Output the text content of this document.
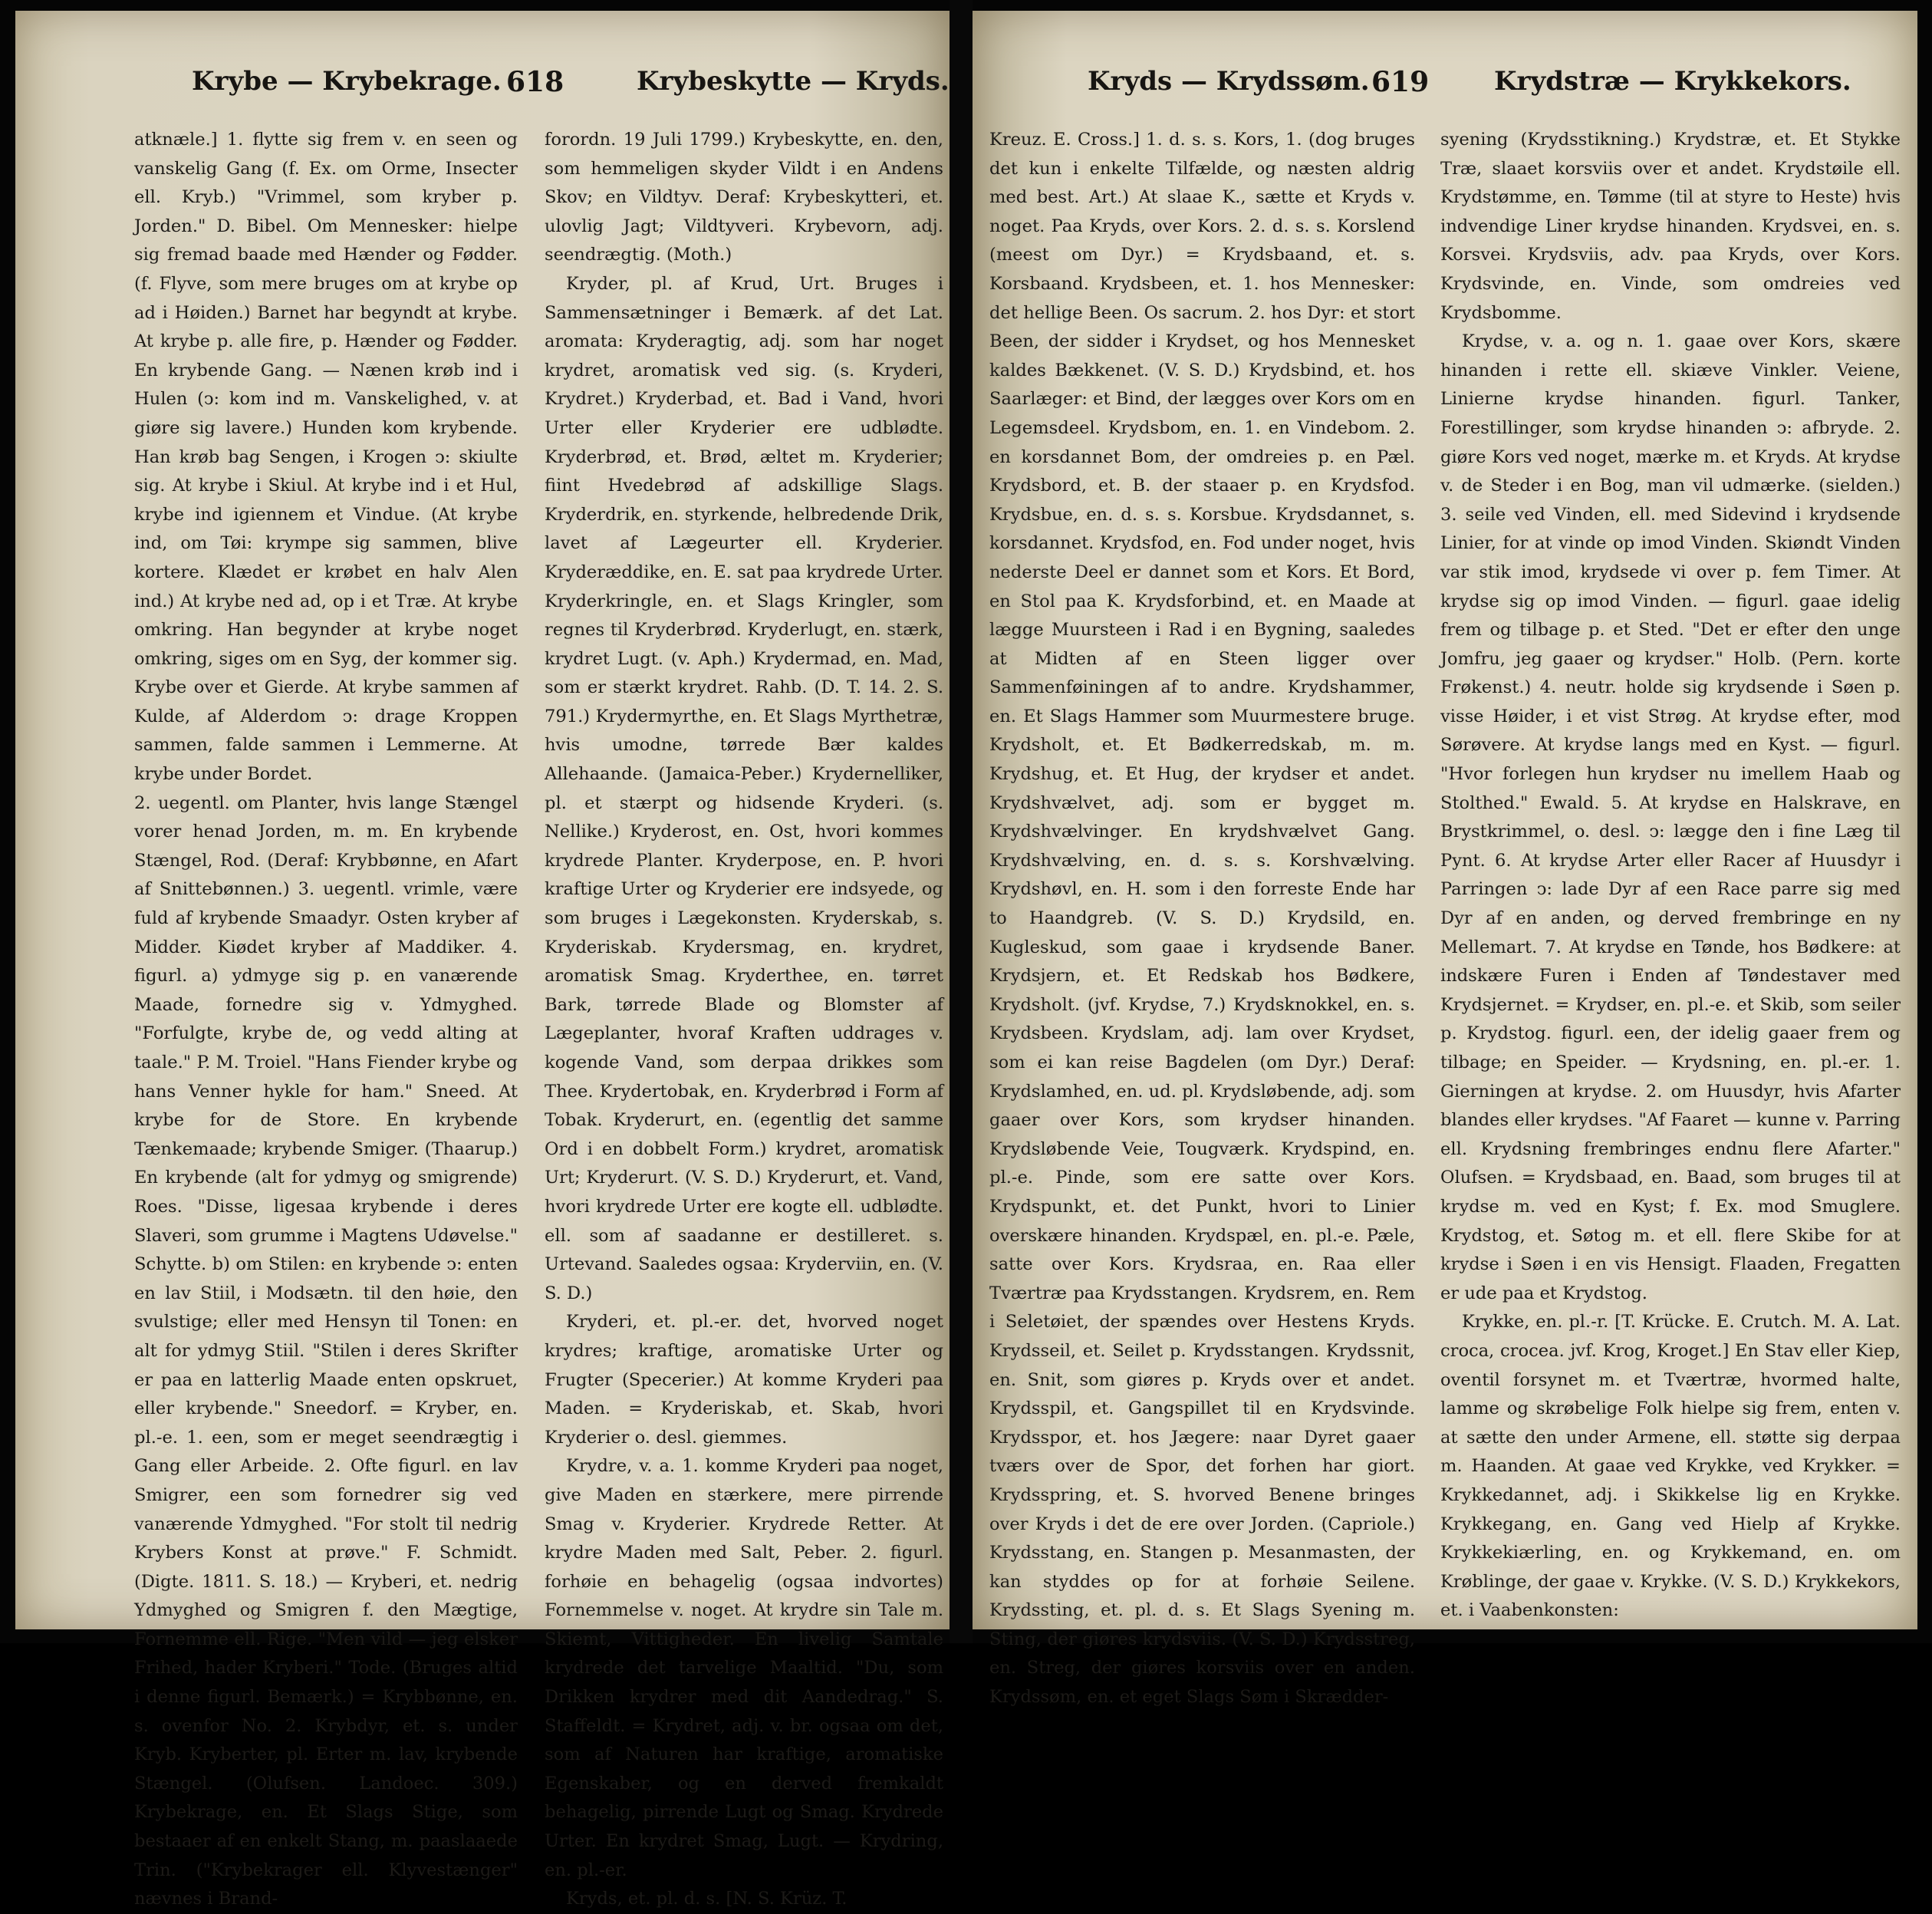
Krybe — Krybekrage. 618	Krybeskytte — Kryds.

atknæle.] 1. flytte sig frem v. en seen og vanskelig Gang (f. Ex. om Orme, Insecter ell. Kryb.) "Vrimmel, som kryber p. Jorden." D. Bibel. Om Mennesker: hielpe sig fremad baade med Hænder og Fødder. (f. Flyve, som mere bruges om at krybe op ad i Høiden.) Barnet har begyndt at krybe. At krybe p. alle fire, p. Hænder og Fødder. En krybende Gang. — Nænen krøb ind i Hulen (ↄ: kom ind m. Vanskelighed, v. at giøre sig lavere.) Hunden kom krybende. Han krøb bag Sengen, i Krogen ↄ: skiulte sig. At krybe i Skiul. At krybe ind i et Hul, krybe ind igiennem et Vindue. (At krybe ind, om Tøi: krympe sig sammen, blive kortere. Klædet er krøbet en halv Alen ind.) At krybe ned ad, op i et Træ. At krybe omkring. Han begynder at krybe noget omkring, siges om en Syg, der kommer sig. Krybe over et Gierde. At krybe sammen af Kulde, af Alderdom ↄ: drage Kroppen sammen, falde sammen i Lemmerne. At krybe under Bordet.

2. uegentl. om Planter, hvis lange Stængel vorer henad Jorden, m. m. En krybende Stængel, Rod. (Deraf: Krybbønne, en Afart af Snittebønnen.) 3. uegentl. vrimle, være fuld af krybende Smaadyr. Osten kryber af Midder. Kiødet kryber af Maddiker. 4. figurl. a) ydmyge sig p. en vanærende Maade, fornedre sig v. Ydmyghed. "Forfulgte, krybe de, og vedd alting at taale." P. M. Troiel. "Hans Fiender krybe og hans Venner hykle for ham." Sneed. At krybe for de Store. En krybende Tænkemaade; krybende Smiger. (Thaarup.) En krybende (alt for ydmyg og smigrende) Roes. "Disse, ligesaa krybende i deres Slaveri, som grumme i Magtens Udøvelse." Schytte. b) om Stilen: en krybende ↄ: enten en lav Stiil, i Modsætn. til den høie, den svulstige; eller med Hensyn til Tonen: en alt for ydmyg Stiil. "Stilen i deres Skrifter er paa en latterlig Maade enten opskruet, eller krybende." Sneedorf. = Kryber, en. pl.-e. 1. een, som er meget seendrægtig i Gang eller Arbeide. 2. Ofte figurl. en lav Smigrer, een som fornedrer sig ved vanærende Ydmyghed. "For stolt til nedrig Krybers Konst at prøve." F. Schmidt. (Digte. 1811. S. 18.) — Kryberi, et. nedrig Ydmyghed og Smigren f. den Mægtige, Fornemme ell. Rige. "Men vild — jeg elsker Frihed, hader Kryberi." Tode. (Bruges altid i denne figurl. Bemærk.) = Krybbønne, en. s. ovenfor No. 2. Krybdyr, et. s. under Kryb. Kryberter, pl. Erter m. lav, krybende Stængel. (Olufsen. Landoec. 309.) Krybekrage, en. Et Slags Stige, som bestaaer af en enkelt Stang, m. paaslaaede Trin. ("Krybekrager ell. Klyvestænger" nævnes i Brand-

forordn. 19 Juli 1799.) Krybeskytte, en. den, som hemmeligen skyder Vildt i en Andens Skov; en Vildtyv. Deraf: Krybeskytteri, et. ulovlig Jagt; Vildtyveri. Krybevorn, adj. seendrægtig. (Moth.)

Kryder, pl. af Krud, Urt. Bruges i Sammensætninger i Bemærk. af det Lat. aromata: Kryderagtig, adj. som har noget krydret, aromatisk ved sig. (s. Kryderi, Krydret.) Kryderbad, et. Bad i Vand, hvori Urter eller Kryderier ere udblødte. Kryderbrød, et. Brød, æltet m. Kryderier; fiint Hvedebrød af adskillige Slags. Kryderdrik, en. styrkende, helbredende Drik, lavet af Lægeurter ell. Kryderier. Kryderæddike, en. E. sat paa krydrede Urter. Kryderkringle, en. et Slags Kringler, som regnes til Kryderbrød. Kryderlugt, en. stærk, krydret Lugt. (v. Aph.) Krydermad, en. Mad, som er stærkt krydret. Rahb. (D. T. 14. 2. S. 791.) Krydermyrthe, en. Et Slags Myrthetræ, hvis umodne, tørrede Bær kaldes Allehaande. (Jamaica-Peber.) Krydernelliker, pl. et stærpt og hidsende Kryderi. (s. Nellike.) Kryderost, en. Ost, hvori kommes krydrede Planter. Kryderpose, en. P. hvori kraftige Urter og Kryderier ere indsyede, og som bruges i Lægekonsten. Kryderskab, s. Kryderiskab. Krydersmag, en. krydret, aromatisk Smag. Kryderthee, en. tørret Bark, tørrede Blade og Blomster af Lægeplanter, hvoraf Kraften uddrages v. kogende Vand, som derpaa drikkes som Thee. Krydertobak, en. Kryderbrød i Form af Tobak. Kryderurt, en. (egentlig det samme Ord i en dobbelt Form.) krydret, aromatisk Urt; Kryderurt. (V. S. D.) Kryderurt, et. Vand, hvori krydrede Urter ere kogte ell. udblødte. ell. som af saadanne er destilleret. s. Urtevand. Saaledes ogsaa: Kryderviin, en. (V. S. D.)

Kryderi, et. pl.-er. det, hvorved noget krydres; kraftige, aromatiske Urter og Frugter (Specerier.) At komme Kryderi paa Maden. = Kryderiskab, et. Skab, hvori Kryderier o. desl. giemmes.

Krydre, v. a. 1. komme Kryderi paa noget, give Maden en stærkere, mere pirrende Smag v. Kryderier. Krydrede Retter. At krydre Maden med Salt, Peber. 2. figurl. forhøie en behagelig (ogsaa indvortes) Fornemmelse v. noget. At krydre sin Tale m. Skiemt, Vittigheder. En livelig Samtale krydrede det tarvelige Maaltid. "Du, som Drikken krydrer med dit Aandedrag." S. Staffeldt. = Krydret, adj. v. br. ogsaa om det, som af Naturen har kraftige, aromatiske Egenskaber, og en derved fremkaldt behagelig, pirrende Lugt og Smag. Krydrede Urter. En krydret Smag, Lugt. — Krydring, en. pl.-er.

Kryds, et. pl. d. s. [N. S. Krüz. T.

Kryds — Krydssøm. 619 Krydstræ — Krykkekors.

Kreuz. E. Cross.] 1. d. s. s. Kors, 1. (dog bruges det kun i enkelte Tilfælde, og næsten aldrig med best. Art.) At slaae K., sætte et Kryds v. noget. Paa Kryds, over Kors. 2. d. s. s. Korslend (meest om Dyr.) = Krydsbaand, et. s. Korsbaand. Krydsbeen, et. 1. hos Mennesker: det hellige Been. Os sacrum. 2. hos Dyr: et stort Been, der sidder i Krydset, og hos Mennesket kaldes Bækkenet. (V. S. D.) Krydsbind, et. hos Saarlæger: et Bind, der lægges over Kors om en Legemsdeel. Krydsbom, en. 1. en Vindebom. 2. en korsdannet Bom, der omdreies p. en Pæl. Krydsbord, et. B. der staaer p. en Krydsfod. Krydsbue, en. d. s. s. Korsbue. Krydsdannet, s. korsdannet. Krydsfod, en. Fod under noget, hvis nederste Deel er dannet som et Kors. Et Bord, en Stol paa K. Krydsforbind, et. en Maade at lægge Muursteen i Rad i en Bygning, saaledes at Midten af en Steen ligger over Sammenføiningen af to andre. Krydshammer, en. Et Slags Hammer som Muurmestere bruge. Krydsholt, et. Et Bødkerredskab, m. m. Krydshug, et. Et Hug, der krydser et andet. Krydshvælvet, adj. som er bygget m. Krydshvælvinger. En krydshvælvet Gang. Krydshvælving, en. d. s. s. Korshvælving. Krydshøvl, en. H. som i den forreste Ende har to Haandgreb. (V. S. D.) Krydsild, en. Kugleskud, som gaae i krydsende Baner. Krydsjern, et. Et Redskab hos Bødkere, Krydsholt. (jvf. Krydse, 7.) Krydsknokkel, en. s. Krydsbeen. Krydslam, adj. lam over Krydset, som ei kan reise Bagdelen (om Dyr.) Deraf: Krydslamhed, en. ud. pl. Krydsløbende, adj. som gaaer over Kors, som krydser hinanden. Krydsløbende Veie, Tougværk. Krydspind, en. pl.-e. Pinde, som ere satte over Kors. Krydspunkt, et. det Punkt, hvori to Linier overskære hinanden. Krydspæl, en. pl.-e. Pæle, satte over Kors. Krydsraa, en. Raa eller Tværtræ paa Krydsstangen. Krydsrem, en. Rem i Seletøiet, der spændes over Hestens Kryds. Krydsseil, et. Seilet p. Krydsstangen. Krydssnit, en. Snit, som giøres p. Kryds over et andet. Krydsspil, et. Gangspillet til en Krydsvinde. Krydsspor, et. hos Jægere: naar Dyret gaaer tværs over de Spor, det forhen har giort. Krydsspring, et. S. hvorved Benene bringes over Kryds i det de ere over Jorden. (Capriole.) Krydsstang, en. Stangen p. Mesanmasten, der kan styddes op for at forhøie Seilene. Krydssting, et. pl. d. s. Et Slags Syening m. Sting, der giøres krydsviis. (V. S. D.) Krydsstreg, en. Streg, der giøres korsviis over en anden. Krydssøm, en. et eget Slags Søm i Skrædder-

syening (Krydsstikning.) Krydstræ, et. Et Stykke Træ, slaaet korsviis over et andet. Krydstøile ell. Krydstømme, en. Tømme (til at styre to Heste) hvis indvendige Liner krydse hinanden. Krydsvei, en. s. Korsvei. Krydsviis, adv. paa Kryds, over Kors. Krydsvinde, en. Vinde, som omdreies ved Krydsbomme.

Krydse, v. a. og n. 1. gaae over Kors, skære hinanden i rette ell. skiæve Vinkler. Veiene, Linierne krydse hinanden. figurl. Tanker, Forestillinger, som krydse hinanden ↄ: afbryde. 2. giøre Kors ved noget, mærke m. et Kryds. At krydse v. de Steder i en Bog, man vil udmærke. (sielden.) 3. seile ved Vinden, ell. med Sidevind i krydsende Linier, for at vinde op imod Vinden. Skiøndt Vinden var stik imod, krydsede vi over p. fem Timer. At krydse sig op imod Vinden. — figurl. gaae idelig frem og tilbage p. et Sted. "Det er efter den unge Jomfru, jeg gaaer og krydser." Holb. (Pern. korte Frøkenst.) 4. neutr. holde sig krydsende i Søen p. visse Høider, i et vist Strøg. At krydse efter, mod Sørøvere. At krydse langs med en Kyst. — figurl. "Hvor forlegen hun krydser nu imellem Haab og Stolthed." Ewald. 5. At krydse en Halskrave, en Brystkrimmel, o. desl. ↄ: lægge den i fine Læg til Pynt. 6. At krydse Arter eller Racer af Huusdyr i Parringen ↄ: lade Dyr af een Race parre sig med Dyr af en anden, og derved frembringe en ny Mellemart. 7. At krydse en Tønde, hos Bødkere: at indskære Furen i Enden af Tøndestaver med Krydsjernet. = Krydser, en. pl.-e. et Skib, som seiler p. Krydstog. figurl. een, der idelig gaaer frem og tilbage; en Speider. — Krydsning, en. pl.-er. 1. Gierningen at krydse. 2. om Huusdyr, hvis Afarter blandes eller krydses. "Af Faaret — kunne v. Parring ell. Krydsning frembringes endnu flere Afarter." Olufsen. = Krydsbaad, en. Baad, som bruges til at krydse m. ved en Kyst; f. Ex. mod Smuglere. Krydstog, et. Søtog m. et ell. flere Skibe for at krydse i Søen i en vis Hensigt. Flaaden, Fregatten er ude paa et Krydstog.

Krykke, en. pl.-r. [T. Krücke. E. Crutch. M. A. Lat. croca, crocea. jvf. Krog, Kroget.] En Stav eller Kiep, oventil forsynet m. et Tværtræ, hvormed halte, lamme og skrøbelige Folk hielpe sig frem, enten v. at sætte den under Armene, ell. støtte sig derpaa m. Haanden. At gaae ved Krykke, ved Krykker. = Krykkedannet, adj. i Skikkelse lig en Krykke. Krykkegang, en. Gang ved Hielp af Krykke. Krykkekiærling, en. og Krykkemand, en. om Krøblinge, der gaae v. Krykke. (V. S. D.) Krykkekors, et. i Vaabenkonsten:
